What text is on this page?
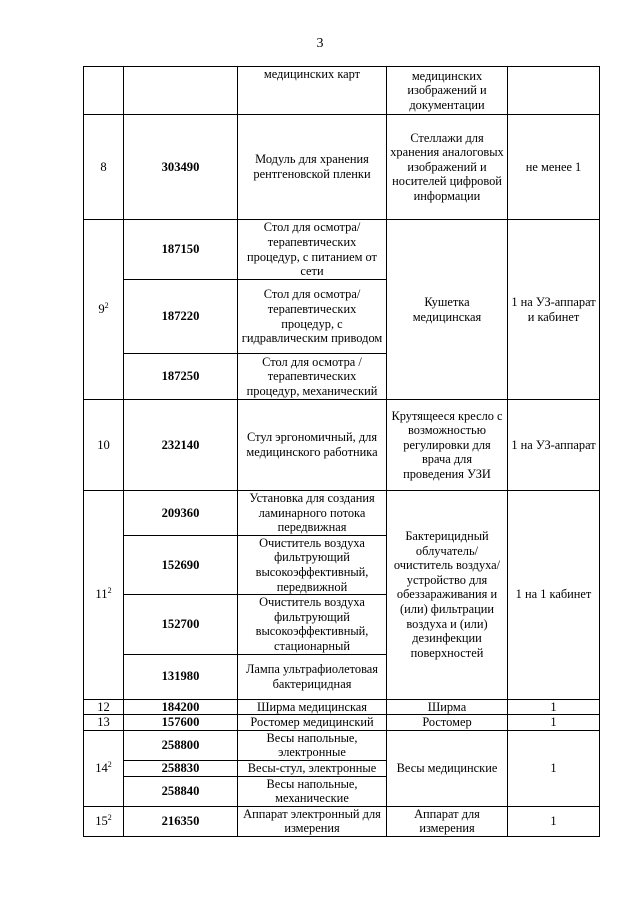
3
		медицинских карт	медицинских изображений и документации	
8	303490	Модуль для хранения рентгеновской пленки	Стеллажи для хранения аналоговых изображений и носителей цифровой информации	не менее 1
$9^2$	187150	Стол для осмотра/ терапевтических процедур, с питанием от сети	Кушетка медицинская	1 на УЗ-аппарат и кабинет
	187220	Стол для осмотра/ терапевтических процедур, с гидравлическим приводом		
	187250	Стол для осмотра /терапевтических процедур, механический		
10	232140	Стул эргономичный, для медицинского работника	Крутящееся кресло с возможностью регулировки для врача для проведения УЗИ	1 на УЗ-аппарат
$11^2$	209360	Установка для создания ламинарного потока передвижная	Бактерицидный облучатель/ очиститель воздуха/ устройство для обеззараживания и (или) фильтрации воздуха и (или) дезинфекции поверхностей	1 на 1 кабинет
	152690	Очиститель воздуха фильтрующий высокоэффективный, передвижной		
	152700	Очиститель воздуха фильтрующий высокоэффективный, стационарный		
	131980	Лампа ультрафиолетовая бактерицидная		
12	184200	Ширма медицинская	Ширма	1
13	157600	Ростомер медицинский	Ростомер	1
$14^2$	258800	Весы напольные, электронные	Весы медицинские	1
	258830	Весы-стул, электронные		
	258840	Весы напольные, механические		
$15^2$	216350	Аппарат электронный для измерения	Аппарат для измерения	1
